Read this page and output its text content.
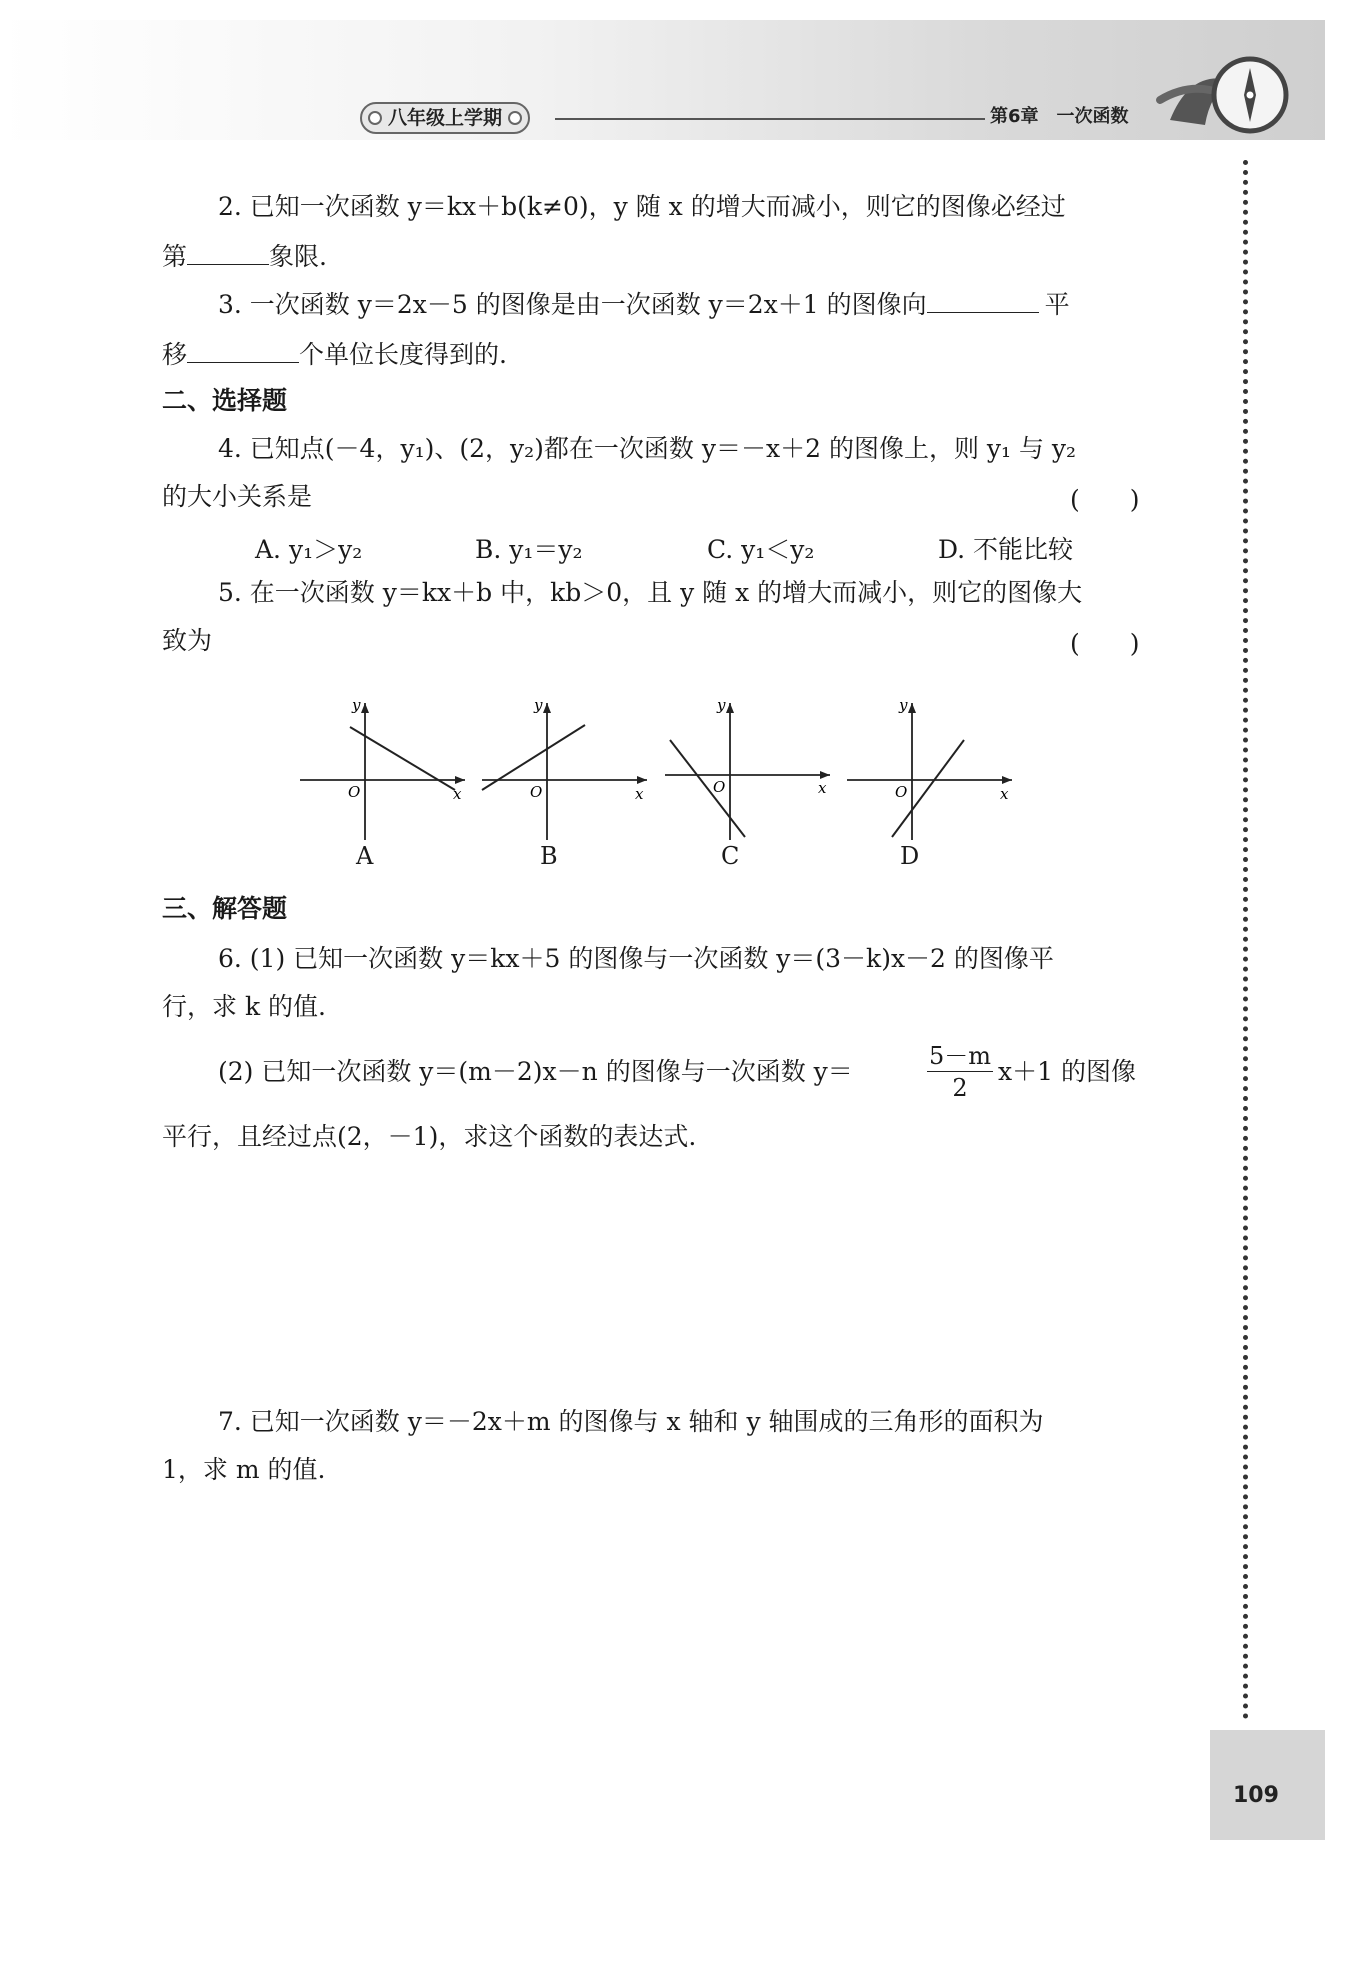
八年级上学期	第6章　一次函数
2. 已知一次函数 y＝kx＋b(k≠0)，y 随 x 的增大而减小，则它的图像必经过
第	象限.
3. 一次函数 y＝2x－5 的图像是由一次函数 y＝2x＋1 的图像向	平
移	个单位长度得到的.
二、选择题
4. 已知点(－4，y₁)、(2，y₂)都在一次函数 y＝－x＋2 的图像上，则 y₁ 与 y₂
的大小关系是	(　　)
A. y₁＞y₂	B. y₁＝y₂	C. y₁＜y₂	D. 不能比较
5. 在一次函数 y＝kx＋b 中，kb＞0，且 y 随 x 的增大而减小，则它的图像大
致为	(　　)
y
x
O
y
x
O
y
x
O
y
x
O
A	B	C	D
三、解答题
6. (1) 已知一次函数 y＝kx＋5 的图像与一次函数 y＝(3－k)x－2 的图像平
行，求 k 的值.
(2) 已知一次函数 y＝(m－2)x－n 的图像与一次函数 y＝
5－m
2
x＋1 的图像
平行，且经过点(2，－1)，求这个函数的表达式.
7. 已知一次函数 y＝－2x＋m 的图像与 x 轴和 y 轴围成的三角形的面积为
1，求 m 的值.
109
